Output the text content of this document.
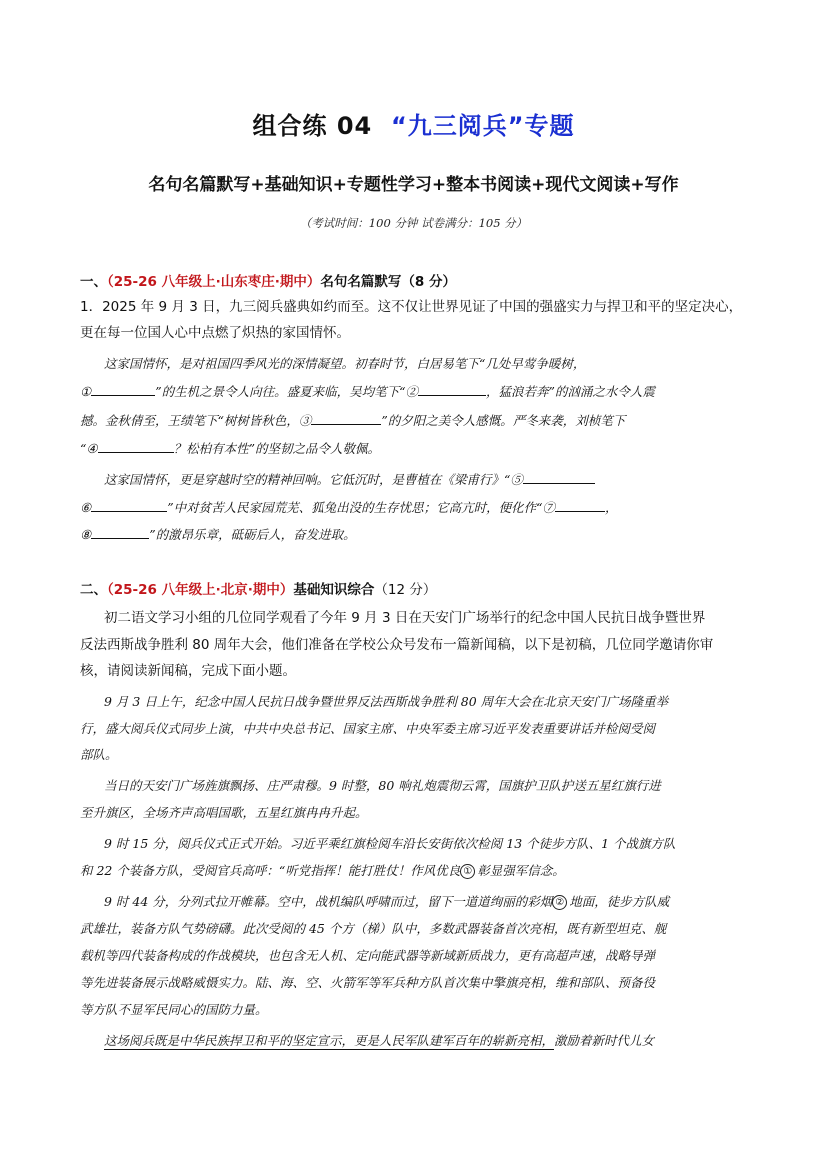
组合练 04 “九三阅兵”专题
名句名篇默写+基础知识+专题性学习+整本书阅读+现代文阅读+写作
（考试时间：100 分钟 试卷满分：105 分）
一、（25-26 八年级上·山东枣庄·期中）名句名篇默写（8 分）
1．2025 年 9 月 3 日，九三阅兵盛典如约而至。这不仅让世界见证了中国的强盛实力与捍卫和平的坚定决心，
更在每一位国人心中点燃了炽热的家国情怀。
这家国情怀，是对祖国四季风光的深情凝望。初春时节，白居易笔下“几处早莺争暖树，
①	”的生机之景令人向往。盛夏来临，吴均笔下“②	，猛浪若奔”的汹涌之水令人震
撼。金秋倩至，王绩笔下“树树皆秋色，③	”的夕阳之美令人感慨。严冬来袭，刘桢笔下
“④	？松柏有本性”的坚韧之品令人敬佩。
这家国情怀，更是穿越时空的精神回响。它低沉时，是曹植在《梁甫行》“⑤
⑥	”中对贫苦人民家园荒芜、狐兔出没的生存忧思；它高亢时，便化作“⑦	，
⑧	”的激昂乐章，砥砺后人，奋发进取。
二、（25-26 八年级上·北京·期中）基础知识综合（12 分）
初二语文学习小组的几位同学观看了今年 9 月 3 日在天安门广场举行的纪念中国人民抗日战争暨世界
反法西斯战争胜利 80 周年大会，他们准备在学校公众号发布一篇新闻稿，以下是初稿，几位同学邀请你审
核，请阅读新闻稿，完成下面小题。
9 月 3 日上午，纪念中国人民抗日战争暨世界反法西斯战争胜利 80 周年大会在北京天安门广场隆重举
行，盛大阅兵仪式同步上演，中共中央总书记、国家主席、中央军委主席习近平发表重要讲话并检阅受阅
部队。
当日的天安门广场旌旗飘扬、庄严肃穆。9 时整，80 响礼炮震彻云霄，国旗护卫队护送五星红旗行进
至升旗区，全场齐声高唱国歌，五星红旗冉冉升起。
9 时 15 分，阅兵仪式正式开始。习近平乘红旗检阅车沿长安街依次检阅 13 个徒步方队、1 个战旗方队
和 22 个装备方队，受阅官兵高呼：“听党指挥！能打胜仗！作风优良 ① 彰显强军信念。
9 时 44 分，分列式拉开帷幕。空中，战机编队呼啸而过，留下一道道绚丽的彩烟 ② 地面，徒步方队威
武雄壮，装备方队气势磅礴。此次受阅的 45 个方（梯）队中，多数武器装备首次亮相，既有新型坦克、舰
载机等四代装备构成的作战模块，也包含无人机、定向能武器等新域新质战力，更有高超声速，战略导弹
等先进装备展示战略威慑实力。陆、海、空、火箭军等军兵种方队首次集中擎旗亮相，维和部队、预备役
等方队不显军民同心的国防力量。
这场阅兵既是中华民族捍卫和平的坚定宣示，更是人民军队建军百年的崭新亮相，激励着新时代儿女
